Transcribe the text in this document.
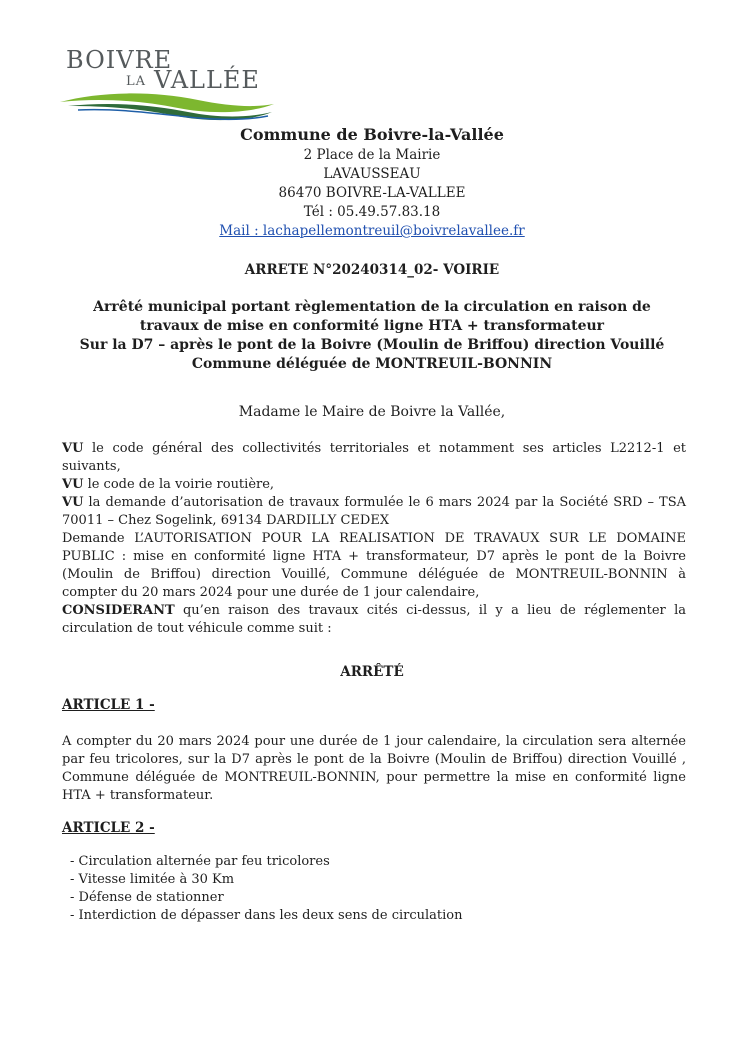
BOIVRE
LA VALLÉE
Commune de Boivre-la-Vallée
2 Place de la Mairie
LAVAUSSEAU
86470 BOIVRE-LA-VALLEE
Tél : 05.49.57.83.18
Mail : lachapellemontreuil@boivrelavallee.fr
ARRETE N°20240314_02- VOIRIE
Arrêté municipal portant règlementation de la circulation en raison de
travaux de mise en conformité ligne HTA + transformateur
Sur la D7 – après le pont de la Boivre (Moulin de Briffou) direction Vouillé
Commune déléguée de MONTREUIL-BONNIN
Madame le Maire de Boivre la Vallée,

VU le code général des collectivités territoriales et notamment ses articles L2212-1 et suivants,

VU le code de la voirie routière,

VU la demande d’autorisation de travaux formulée le 6 mars 2024 par la Société SRD – TSA 70011 – Chez Sogelink, 69134 DARDILLY CEDEX

Demande L’AUTORISATION POUR LA REALISATION DE TRAVAUX SUR LE DOMAINE PUBLIC : mise en conformité ligne HTA + transformateur, D7 après le pont de la Boivre (Moulin de Briffou) direction Vouillé, Commune déléguée de MONTREUIL-BONNIN à compter du 20 mars 2024 pour une durée de 1 jour calendaire,

CONSIDERANT qu’en raison des travaux cités ci-dessus, il y a lieu de réglementer la circulation de tout véhicule comme suit :

ARRÊTÉ
ARTICLE 1 -
A compter du 20 mars 2024 pour une durée de 1 jour calendaire, la circulation sera alternée par feu tricolores, sur la D7 après le pont de la Boivre (Moulin de Briffou) direction Vouillé , Commune déléguée de MONTREUIL-BONNIN, pour permettre la mise en conformité ligne HTA + transformateur.
ARTICLE 2 -
- Circulation alternée par feu tricolores
- Vitesse limitée à 30 Km
- Défense de stationner
- Interdiction de dépasser dans les deux sens de circulation
